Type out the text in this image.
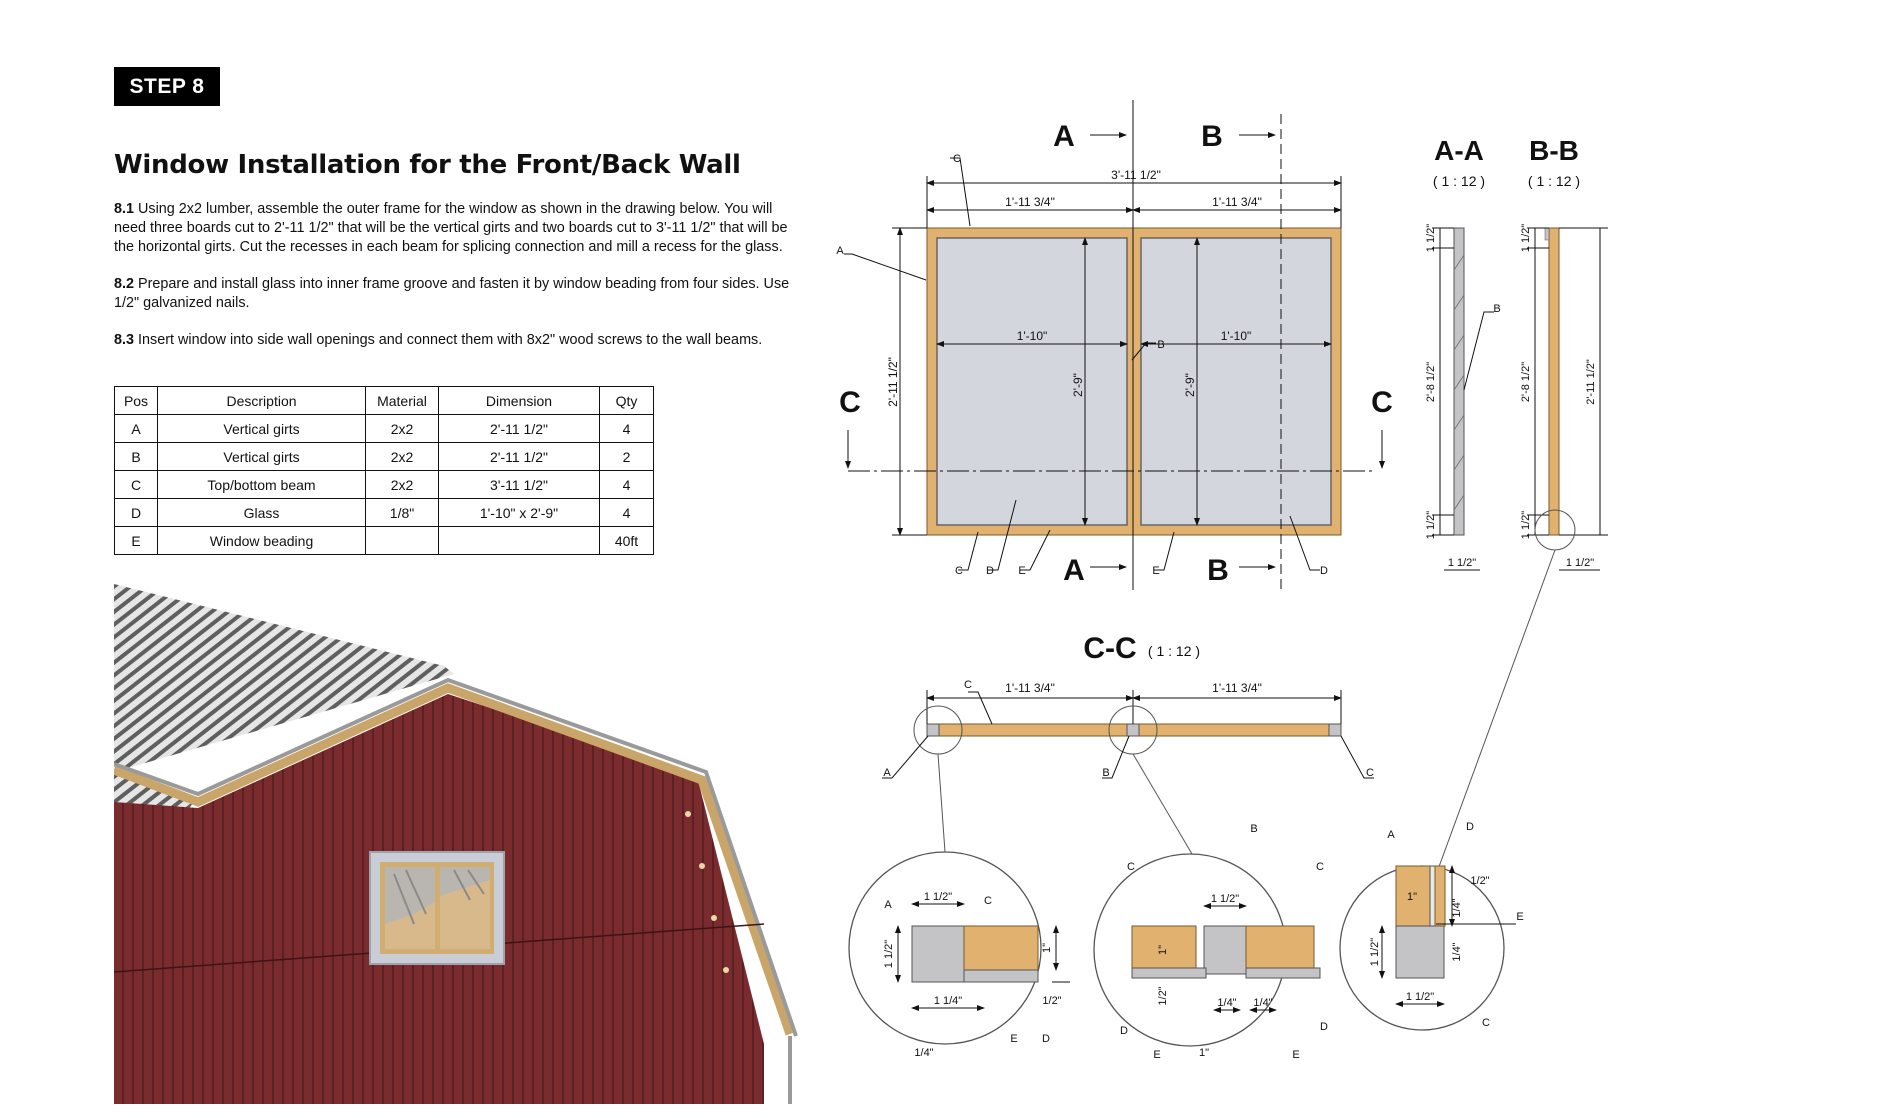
STEP 8
Window Installation for the Front/Back Wall

8.1 Using 2x2 lumber, assemble the outer frame for the window as shown in the drawing below. You will need three boards cut to 2'-11 1/2" that will be the vertical girts and two boards cut to 3'-11 1/2" that will be the horizontal girts. Cut the recesses in each beam for splicing connection and mill a recess for the glass.

8.2 Prepare and install glass into inner frame groove and fasten it by window beading from four sides. Use 1/2" galvanized nails.

8.3 Insert window into side wall openings and connect them with 8x2" wood screws to the wall beams.

Pos	Description	Material	Dimension	Qty
A	Vertical girts	2x2	2'-11 1/2"	4
B	Vertical girts	2x2	2'-11 1/2"	2
C	Top/bottom beam	2x2	3'-11 1/2"	4
D	Glass	1/8"	1'-10" x 2'-9"	4
E	Window beading			40ft
3'-11 1/2"
1'-11 3/4"	1'-11 3/4"
1'-10"	1'-10"
2'-9"	2'-9"
2'-11 1/2"
A	B
A	B
C	C
C
A
B
C D E	E	D
A-A
( 1 : 12 )
1 1/2"
2'-8 1/2"
1 1/2"
1 1/2"
B
B-B
( 1 : 12 )
1 1/2"
2'-8 1/2"
1 1/2"
2'-11 1/2"
1 1/2"
C-C ( 1 : 12 )
1'-11 3/4"	1'-11 3/4"
C
A	B	C
1 1/2"
1 1/2"	1"
1 1/4"	1/2"
1/4"
A	C
E D
1 1/2"
1"
1/2"	1/4" 1/4"
1"
B
C	C
D	D
E	E
1/2"
1"
1/4"
1 1/2"	1/4"
1 1/2"
A
D
E
C
